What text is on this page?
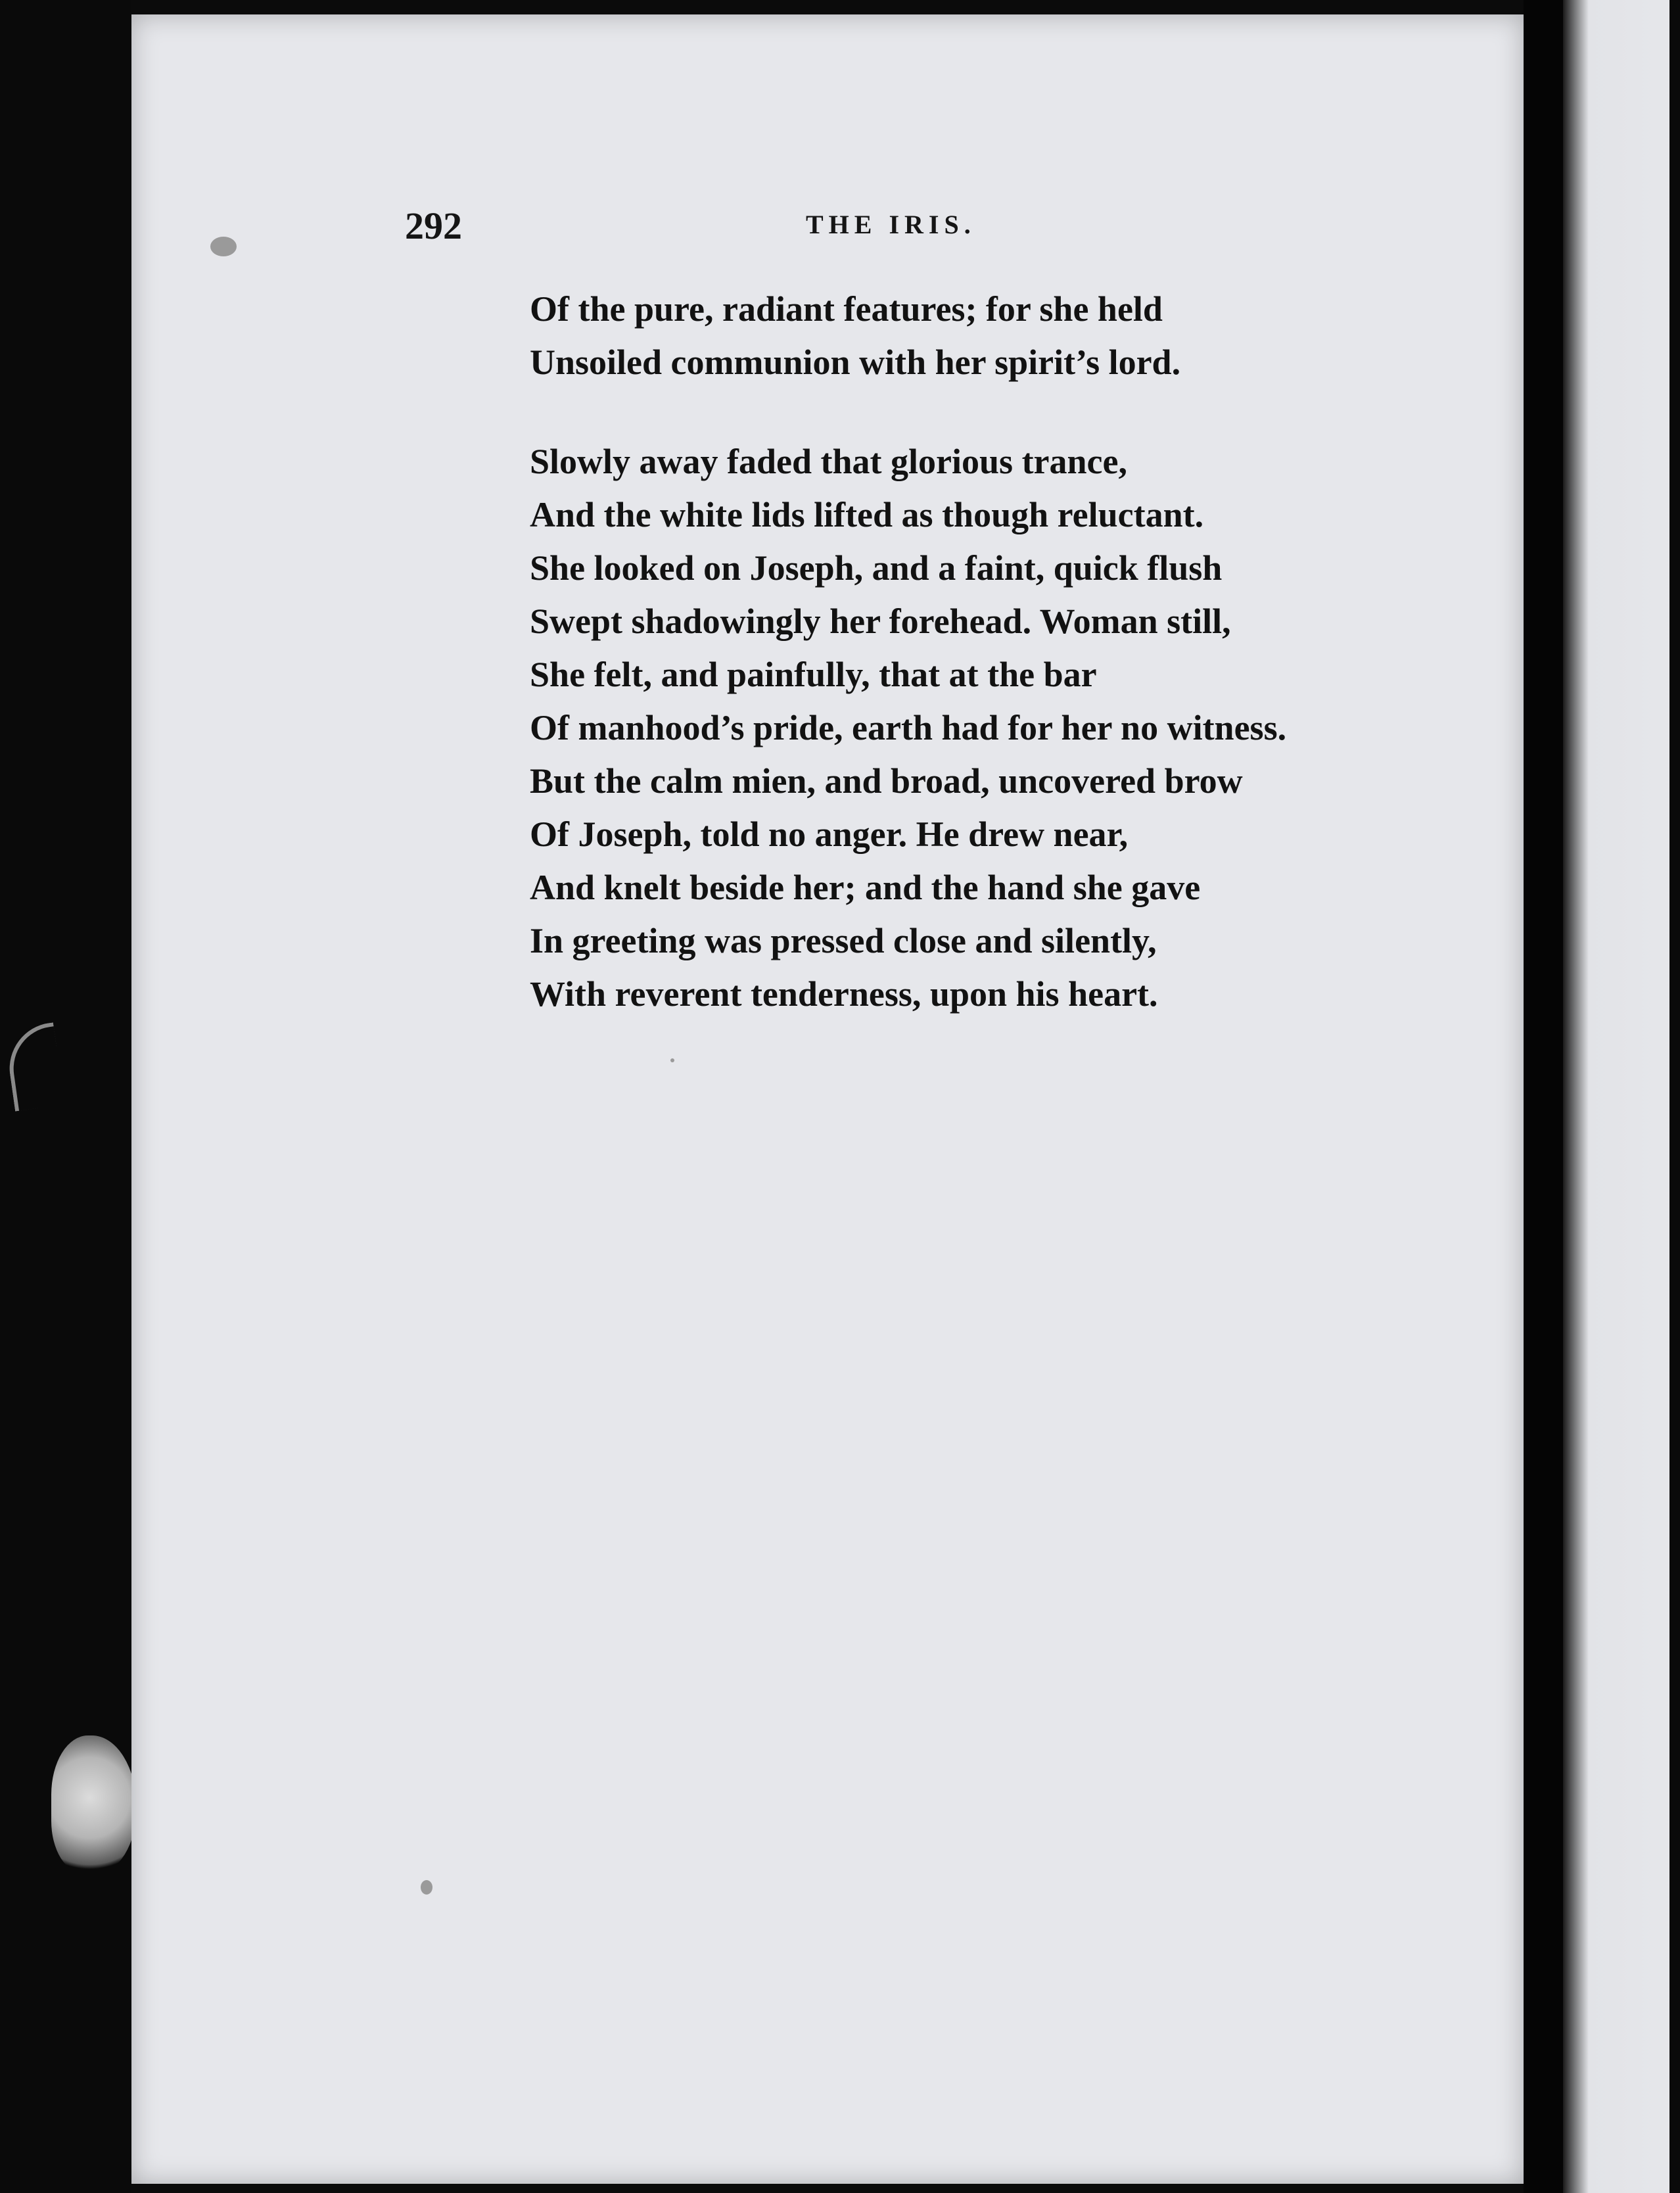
292	THE IRIS.
Of the pure, radiant features; for she held
Unsoiled communion with her spirit’s lord.
Slowly away faded that glorious trance,
And the white lids lifted as though reluctant.
She looked on Joseph, and a faint, quick flush
Swept shadowingly her forehead. Woman still,
She felt, and painfully, that at the bar
Of manhood’s pride, earth had for her no witness.
But the calm mien, and broad, uncovered brow
Of Joseph, told no anger. He drew near,
And knelt beside her; and the hand she gave
In greeting was pressed close and silently,
With reverent tenderness, upon his heart.
